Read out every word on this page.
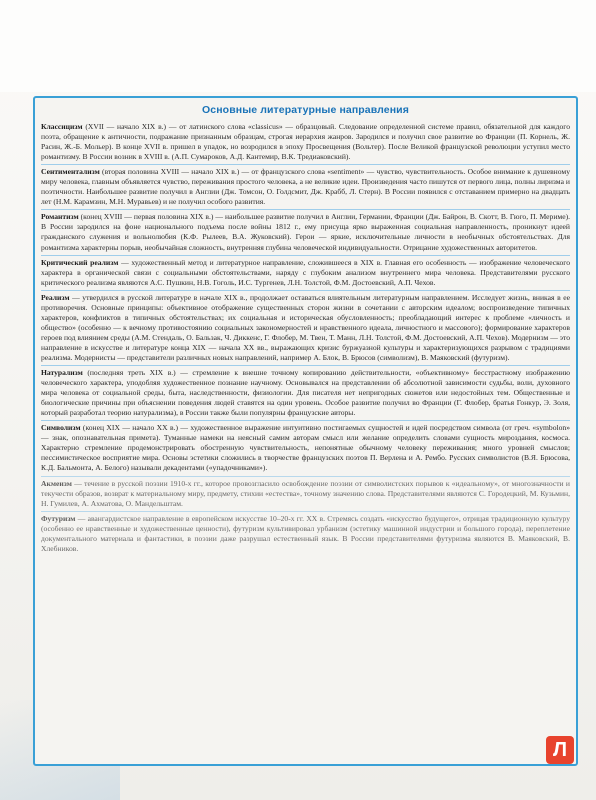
Основные литературные направления

Классицизм (XVII — начало XIX в.) — от латинского слова «classicus» — образцовый. Следование определенной системе правил, обязательной для каждого поэта, обращение к античности, подражание признанным образцам, строгая иерархия жанров. Зародился и получил свое развитие во Франции (П. Корнель, Ж. Расин, Ж.-Б. Мольер). В конце XVII в. пришел в упадок, но возродился в эпоху Просвещения (Вольтер). После Великой французской революции уступил место романтизму. В России возник в XVIII в. (А.П. Сумароков, А.Д. Кантемир, В.К. Тредиаковский).

Сентиментализм (вторая половина XVIII — начало XIX в.) — от французского слова «sentiment» — чувство, чувствительность. Особое внимание к душевному миру человека, главным объявляется чувство, переживания простого человека, а не великие идеи. Произведения часто пишутся от первого лица, полны лиризма и поэтичности. Наибольшее развитие получил в Англии (Дж. Томсон, О. Голдсмит, Дж. Крабб, Л. Стерн). В России появился с отставанием примерно на двадцать лет (Н.М. Карамзин, М.Н. Муравьев) и не получил особого развития.

Романтизм (конец XVIII — первая половина XIX в.) — наибольшее развитие получил в Англии, Германии, Франции (Дж. Байрон, В. Скотт, В. Гюго, П. Мериме). В России зародился на фоне национального подъема после войны 1812 г., ему присуща ярко выраженная социальная направленность, проникнут идеей гражданского служения и вольнолюбия (К.Ф. Рылеев, В.А. Жуковский). Герои — яркие, исключительные личности в необычных обстоятельствах. Для романтизма характерны порыв, необычайная сложность, внутренняя глубина человеческой индивидуальности. Отрицание художественных авторитетов.

Критический реализм — художественный метод и литературное направление, сложившееся в XIX в. Главная его особенность — изображение человеческого характера в органической связи с социальными обстоятельствами, наряду с глубоким анализом внутреннего мира человека. Представителями русского критического реализма являются А.С. Пушкин, Н.В. Гоголь, И.С. Тургенев, Л.Н. Толстой, Ф.М. Достоевский, А.П. Чехов.

Реализм — утвердился в русской литературе в начале XIX в., продолжает оставаться влиятельным литературным направлением. Исследует жизнь, вникая в ее противоречия. Основные принципы: объективное отображение существенных сторон жизни в сочетании с авторским идеалом; воспроизведение типичных характеров, конфликтов в типичных обстоятельствах; их социальная и историческая обусловленность; преобладающий интерес к проблеме «личность и общество» (особенно — к вечному противостоянию социальных закономерностей и нравственного идеала, личностного и массового); формирование характеров героев под влиянием среды (А.М. Стендаль, О. Бальзак, Ч. Диккенс, Г. Флобер, М. Твен, Т. Манн, Л.Н. Толстой, Ф.М. Достоевский, А.П. Чехов). Модернизм — это направление в искусстве и литературе конца XIX — начала XX вв., выражающих кризис буржуазной культуры и характеризующихся разрывом с традициями реализма. Модернисты — представители различных новых направлений, например А. Блок, В. Брюсов (символизм), В. Маяковский (футуризм).

Натурализм (последняя треть XIX в.) — стремление к внешне точному копированию действительности, «объективному» бесстрастному изображению человеческого характера, уподобляя художественное познание научному. Основывался на представлении об абсолютной зависимости судьбы, воли, духовного мира человека от социальной среды, быта, наследственности, физиологии. Для писателя нет непригодных сюжетов или недостойных тем. Общественные и биологические причины при объяснении поведения людей ставятся на один уровень. Особое развитие получил во Франции (Г. Флобер, братья Гонкур, Э. Золя, который разработал теорию натурализма), в России также были популярны французские авторы.

Символизм (конец XIX — начало XX в.) — художественное выражение интуитивно постигаемых сущностей и идей посредством символа (от греч. «symbolon» — знак, опознавательная примета). Туманные намеки на неясный самим авторам смысл или желание определить словами сущность мироздания, космоса. Характерно стремление продемонстрировать обостренную чувствительность, непонятные обычному человеку переживания; много уровней смыслов; пессимистическое восприятие мира. Основы эстетики сложились в творчестве французских поэтов П. Верлена и А. Рембо. Русских символистов (В.Я. Брюсова, К.Д. Бальмонта, А. Белого) называли декадентами («упадочниками»).

Акмеизм — течение в русской поэзии 1910-х гг., которое провозгласило освобождение поэзии от символистских порывов к «идеальному», от многозначности и текучести образов, возврат к материальному миру, предмету, стихии «естества», точному значению слова. Представителями являются С. Городецкий, М. Кузьмин, Н. Гумилев, А. Ахматова, О. Мандельштам.

Футуризм — авангардистское направление в европейском искусстве 10–20-х гг. XX в. Стремясь создать «искусство будущего», отрицая традиционную культуру (особенно ее нравственные и художественные ценности), футуризм культивировал урбанизм (эстетику машинной индустрии и большого города), переплетение документального материала и фантастики, в поэзии даже разрушал естественный язык. В России представителями футуризма являются В. Маяковский, В. Хлебников.

Л
